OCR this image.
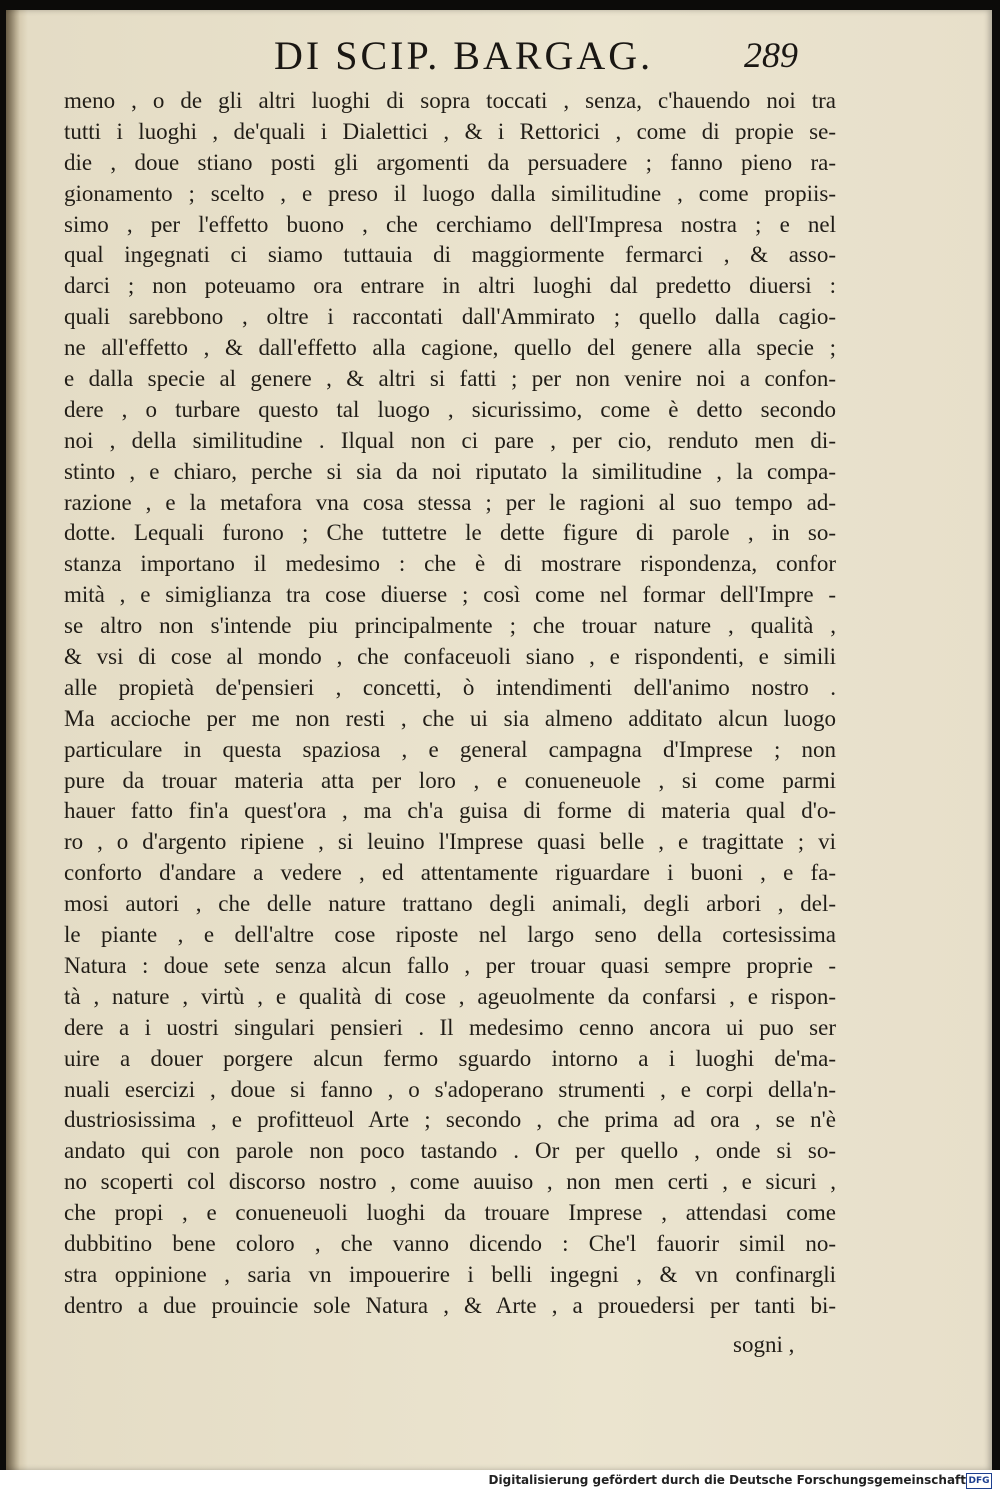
DI SCIP. BARGAG.	289
meno , o de gli altri luoghi di sopra toccati , senza, c'hauendo noi tra
tutti i luoghi , de'quali i Dialettici , & i Rettorici , come di propie se-
die , doue stiano posti gli argomenti da persuadere ; fanno pieno ra-
gionamento ; scelto , e preso il luogo dalla similitudine , come propiis-
simo , per l'effetto buono , che cerchiamo dell'Impresa nostra ; e nel
qual ingegnati ci siamo tuttauia di maggiormente fermarci , & asso-
darci ; non poteuamo ora entrare in altri luoghi dal predetto diuersi :
quali sarebbono , oltre i raccontati dall'Ammirato ; quello dalla cagio-
ne all'effetto , & dall'effetto alla cagione, quello del genere alla specie ;
e dalla specie al genere , & altri si fatti ; per non venire noi a confon-
dere , o turbare questo tal luogo , sicurissimo, come è detto secondo
noi , della similitudine . Ilqual non ci pare , per cio, renduto men di-
stinto , e chiaro, perche si sia da noi riputato la similitudine , la compa-
razione , e la metafora vna cosa stessa ; per le ragioni al suo tempo ad-
dotte. Lequali furono ; Che tuttetre le dette figure di parole , in so-
stanza importano il medesimo : che è di mostrare rispondenza, confor
mità , e simiglianza tra cose diuerse ; così come nel formar dell'Impre -
se altro non s'intende piu principalmente ; che trouar nature , qualità ,
& vsi di cose al mondo , che confaceuoli siano , e rispondenti, e simili
alle propietà de'pensieri , concetti, ò intendimenti dell'animo nostro .
Ma accioche per me non resti , che ui sia almeno additato alcun luogo
particulare in questa spaziosa , e general campagna d'Imprese ; non
pure da trouar materia atta per loro , e conueneuole , si come parmi
hauer fatto fin'a quest'ora , ma ch'a guisa di forme di materia qual d'o-
ro , o d'argento ripiene , si leuino l'Imprese quasi belle , e tragittate ; vi
conforto d'andare a vedere , ed attentamente riguardare i buoni , e fa-
mosi autori , che delle nature trattano degli animali, degli arbori , del-
le piante , e dell'altre cose riposte nel largo seno della cortesissima
Natura : doue sete senza alcun fallo , per trouar quasi sempre proprie -
tà , nature , virtù , e qualità di cose , ageuolmente da confarsi , e rispon-
dere a i uostri singulari pensieri . Il medesimo cenno ancora ui puo ser
uire a douer porgere alcun fermo sguardo intorno a i luoghi de'ma-
nuali esercizi , doue si fanno , o s'adoperano strumenti , e corpi della'n-
dustriosissima , e profitteuol Arte ; secondo , che prima ad ora , se n'è
andato qui con parole non poco tastando . Or per quello , onde si so-
no scoperti col discorso nostro , come auuiso , non men certi , e sicuri ,
che propi , e conueneuoli luoghi da trouare Imprese , attendasi come
dubbitino bene coloro , che vanno dicendo : Che'l fauorir simil no-
stra oppinione , saria vn impouerire i belli ingegni , & vn confinargli
dentro a due prouincie sole Natura , & Arte , a prouedersi per tanti bi-
sogni ,
Digitalisierung gefördert durch die Deutsche Forschungsgemeinschaft DFG
